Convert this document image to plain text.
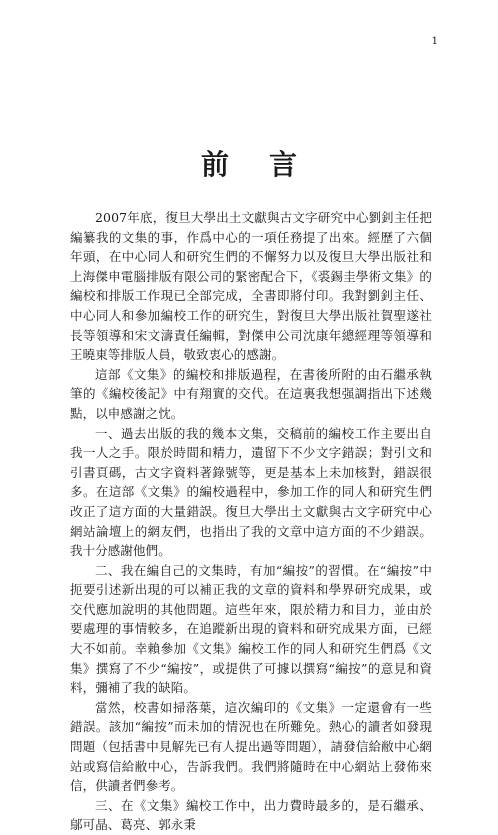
1
前 言

2007年底，復旦大學出土文獻與古文字研究中心劉釗主任把編纂我的文集的事，作爲中心的一項任務提了出來。經歷了六個年頭，在中心同人和研究生們的不懈努力以及復旦大學出版社和上海傑申電腦排版有限公司的緊密配合下，《裘錫圭學術文集》的編校和排版工作現已全部完成，全書即將付印。我對劉釗主任、中心同人和參加編校工作的研究生，對復旦大學出版社賀聖遂社長等領導和宋文濤責任編輯，對傑申公司沈康年總經理等領導和王曉東等排版人員，敬致衷心的感謝。

這部《文集》的編校和排版過程，在書後所附的由石繼承執筆的《編校後記》中有翔實的交代。在這裏我想强調指出下述幾點，以申感謝之忱。

一、過去出版的我的幾本文集，交稿前的編校工作主要出自我一人之手。限於時間和精力，遺留下不少文字錯誤；對引文和引書頁碼，古文字資料著錄號等，更是基本上未加核對，錯誤很多。在這部《文集》的編校過程中，參加工作的同人和研究生們改正了這方面的大量錯誤。復旦大學出土文獻與古文字研究中心網站論壇上的網友們，也指出了我的文章中這方面的不少錯誤。我十分感謝他們。

二、我在編自己的文集時，有加“編按”的習慣。在“編按”中扼要引述新出現的可以補正我的文章的資料和學界研究成果，或交代應加說明的其他問題。這些年來，限於精力和目力，並由於要處理的事情較多，在追蹤新出現的資料和研究成果方面，已經大不如前。幸賴參加《文集》編校工作的同人和研究生們爲《文集》撰寫了不少“編按”，或提供了可據以撰寫“編按”的意見和資料，彌補了我的缺陷。

當然，校書如掃落葉，這次編印的《文集》一定還會有一些錯誤。該加“編按”而未加的情況也在所難免。熱心的讀者如發現問題（包括書中見解先已有人提出過等問題），請發信給敝中心網站或寫信給敝中心，告訴我們。我們將隨時在中心網站上發佈來信，供讀者們參考。

三、在《文集》編校工作中，出力費時最多的，是石繼承、鄔可晶、葛亮、郭永秉
